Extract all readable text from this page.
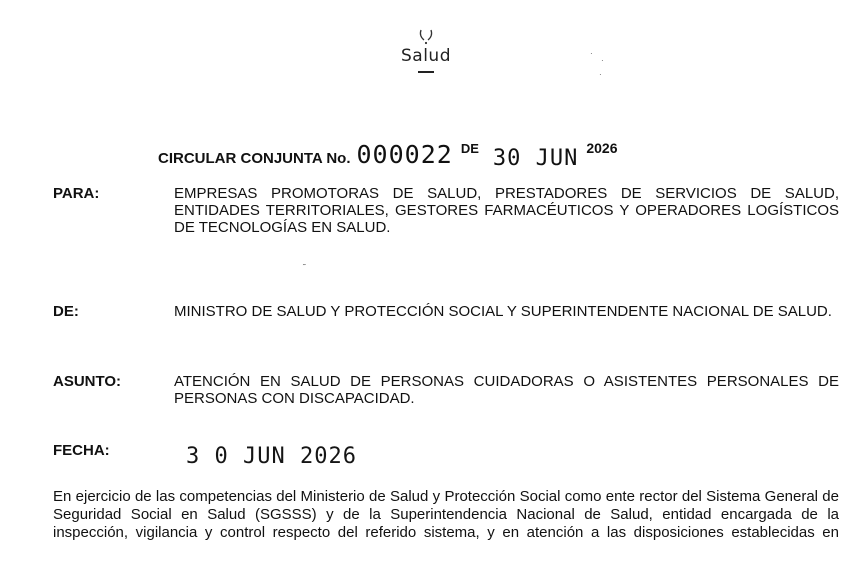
Salud	·
·
·
˜
CIRCULAR CONJUNTA No. 000022 $^{DE}$ 30 JUN 2026
PARA:	EMPRESAS PROMOTORAS DE SALUD, PRESTADORES DE SERVICIOS DE SALUD, ENTIDADES TERRITORIALES, GESTORES FARMACÉUTICOS Y OPERADORES LOGÍSTICOS DE TECNOLOGÍAS EN SALUD.
DE:	MINISTRO DE SALUD Y PROTECCIÓN SOCIAL Y SUPERINTENDENTE NACIONAL DE SALUD.
ASUNTO:	ATENCIÓN EN SALUD DE PERSONAS CUIDADORAS O ASISTENTES PERSONALES DE PERSONAS CON DISCAPACIDAD.
FECHA:	3 0 JUN 2026
En ejercicio de las competencias del Ministerio de Salud y Protección Social como ente rector del Sistema General de Seguridad Social en Salud (SGSSS) y de la Superintendencia Nacional de Salud, entidad encargada de la inspección, vigilancia y control respecto del referido sistema, y en atención a las disposiciones establecidas en
